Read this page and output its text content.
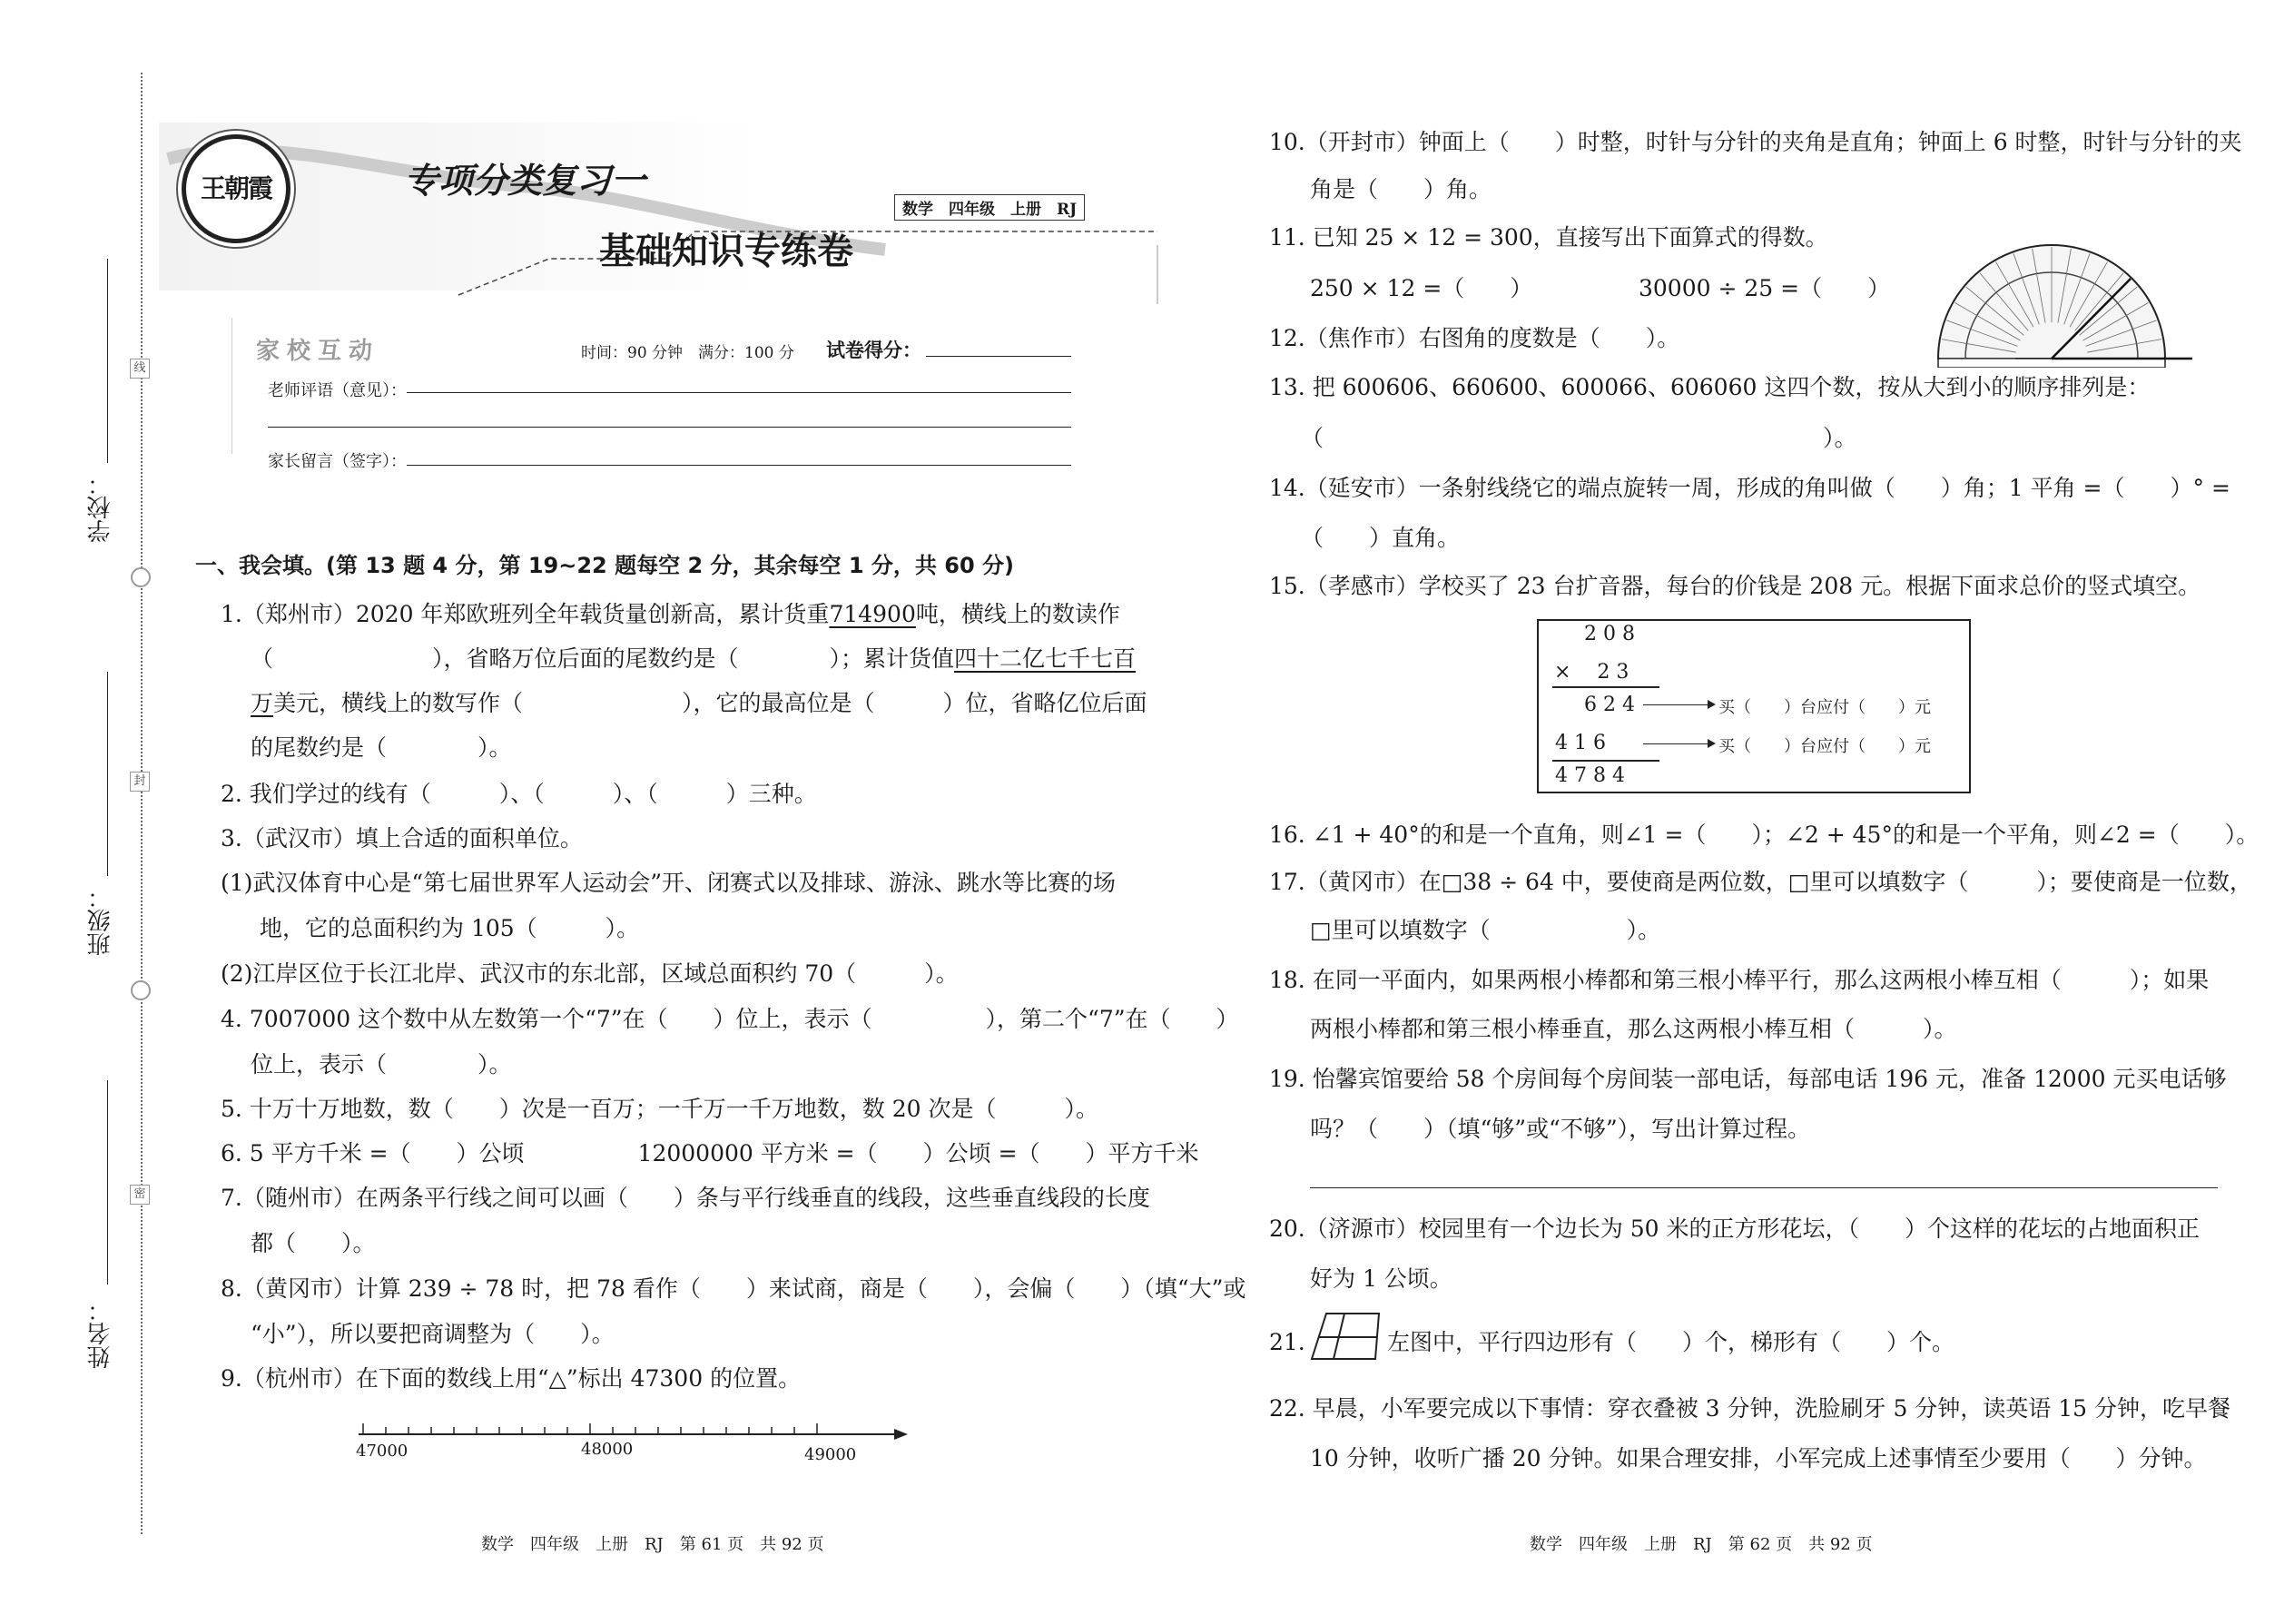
线
封
密
学校：
班级：
姓名：
王朝霞	专项分类复习一
数学　四年级　上册　RJ
基础知识专练卷
家校互动	时间：90 分钟　满分：100 分 试卷得分：
老师评语（意见）：
家长留言（签字）：
一、我会填。(第 13 题 4 分，第 19~22 题每空 2 分，其余每空 1 分，共 60 分)
1.（郑州市）2020 年郑欧班列全年载货量创新高，累计货重714900吨，横线上的数读作
（　　　　　　　），省略万位后面的尾数约是（　　　　）；累计货值四十二亿七千七百
万美元，横线上的数写作（　　　　　　　），它的最高位是（　　　）位，省略亿位后面
的尾数约是（　　　　）。
2. 我们学过的线有（　　　）、（　　　）、（　　　）三种。
3.（武汉市）填上合适的面积单位。
(1)武汉体育中心是“第七届世界军人运动会”开、闭赛式以及排球、游泳、跳水等比赛的场
地，它的总面积约为 105（　　　）。
(2)江岸区位于长江北岸、武汉市的东北部，区域总面积约 70（　　　）。
4. 7007000 这个数中从左数第一个“7”在（　　）位上，表示（　　　　　），第二个“7”在（　　）
位上，表示（　　　　）。
5. 十万十万地数，数（　　）次是一百万；一千万一千万地数，数 20 次是（　　　）。
6. 5 平方千米 =（　　）公顷　　　　　12000000 平方米 =（　　）公顷 =（　　）平方千米
7.（随州市）在两条平行线之间可以画（　　）条与平行线垂直的线段，这些垂直线段的长度
都（　　）。
8.（黄冈市）计算 239 ÷ 78 时，把 78 看作（　　）来试商，商是（　　），会偏（　　）（填“大”或
“小”），所以要把商调整为（　　）。
9.（杭州市）在下面的数线上用“△”标出 47300 的位置。
47000	48000	49000
数学　四年级　上册　RJ　第 61 页　共 92 页
10.（开封市）钟面上（　　）时整，时针与分针的夹角是直角；钟面上 6 时整，时针与分针的夹
角是（　　）角。
11. 已知 25 × 12 = 300，直接写出下面算式的得数。
250 × 12 =（　　）	30000 ÷ 25 =（　　）
12.（焦作市）右图角的度数是（　　）。
13. 把 600606、660600、600066、606060 这四个数，按从大到小的顺序排列是：
（　　　　　　　　　　　　　　　　　　　　　　）。
14.（延安市）一条射线绕它的端点旋转一周，形成的角叫做（　　）角；1 平角 =（　　）° =
（　　）直角。
15.（孝感市）学校买了 23 台扩音器，每台的价钱是 208 元。根据下面求总价的竖式填空。
2 0 8
× 　2 3
6 2 4
4 1 6
4 7 8 4
买（　　）台应付（　　）元
买（　　）台应付（　　）元
16. ∠1 + 40°的和是一个直角，则∠1 =（　　）；∠2 + 45°的和是一个平角，则∠2 =（　　）。
17.（黄冈市）在□38 ÷ 64 中，要使商是两位数，□里可以填数字（　　　）；要使商是一位数，
□里可以填数字（　　　　　　）。
18. 在同一平面内，如果两根小棒都和第三根小棒平行，那么这两根小棒互相（　　　）；如果
两根小棒都和第三根小棒垂直，那么这两根小棒互相（　　　）。
19. 怡馨宾馆要给 58 个房间每个房间装一部电话，每部电话 196 元，准备 12000 元买电话够
吗？（　　）（填“够”或“不够”），写出计算过程。
20.（济源市）校园里有一个边长为 50 米的正方形花坛，（　　）个这样的花坛的占地面积正
好为 1 公顷。
21.	左图中，平行四边形有（　　）个，梯形有（　　）个。
22. 早晨，小军要完成以下事情：穿衣叠被 3 分钟，洗脸刷牙 5 分钟，读英语 15 分钟，吃早餐
10 分钟，收听广播 20 分钟。如果合理安排，小军完成上述事情至少要用（　　）分钟。
数学　四年级　上册　RJ　第 62 页　共 92 页
